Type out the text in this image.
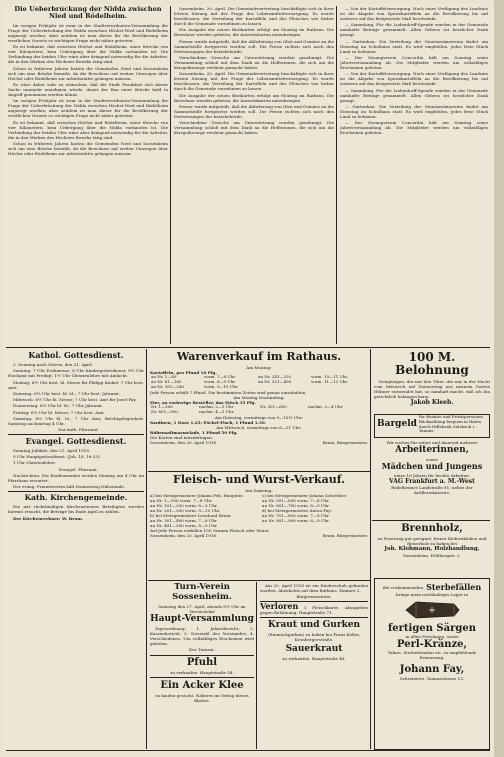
Die Ueberbrückung der Nidda zwischen Nied und Rödelheim.

Im vorigen Frühjahr ist zwar in der Stadtverordneten-Versammlung die Frage der Ueberbrückung der Nidda zwischen Höchst-Nied und Rödelheim angeregt worden; aber seitdem ist man dieser für die Bevölkerung der westlichen Vororte so wichtigen Frage nicht näher getreten.

Es ist bekannt, daß zwischen Höchst und Rödelheim, einer Strecke von vier Kilometern, kein Uebergang über die Nidda vorhanden ist. Die Verbindung der beiden Ufer wäre aber dringend notwendig für die Arbeiter, die in den Werken des Höchster Bezirks tätig sind.

Schon in früheren Jahren hatten die Gemeinden Nied und Sossenheim sich um eine Brücke bemüht, da die Bewohner auf weiten Umwegen über Höchst oder Rödelheim zur Arbeitsstätte gelangen müssen.

Es wäre daher sehr zu wünschen, daß die Stadt Frankfurt sich dieser Sache nunmehr annehmen würde, damit der Bau einer Brücke bald in Angriff genommen werden könne.

Im vorigen Frühjahr ist zwar in der Stadtverordneten-Versammlung die Frage der Ueberbrückung der Nidda zwischen Höchst-Nied und Rödelheim angeregt worden; aber seitdem ist man dieser für die Bevölkerung der westlichen Vororte so wichtigen Frage nicht näher getreten.

Es ist bekannt, daß zwischen Höchst und Rödelheim, einer Strecke von vier Kilometern, kein Uebergang über die Nidda vorhanden ist. Die Verbindung der beiden Ufer wäre aber dringend notwendig für die Arbeiter, die in den Werken des Höchster Bezirks tätig sind.

Schon in früheren Jahren hatten die Gemeinden Nied und Sossenheim sich um eine Brücke bemüht, da die Bewohner auf weiten Umwegen über Höchst oder Rödelheim zur Arbeitsstätte gelangen müssen.

Sossenheim, 20. April. Die Gemeindevertretung beschäftigte sich in ihrer letzten Sitzung mit der Frage der Lebensmittelversorgung. Es wurde beschlossen, die Verteilung der Kartoffeln und des Fleisches wie bisher durch die Gemeinde vornehmen zu lassen.

Die Ausgabe der neuen Brotkarten erfolgt am Montag im Rathaus. Die Bewohner werden gebeten, die Ausweiskarten mitzubringen.

Ferner wurde mitgeteilt, daß die Ablieferung von Obst und Gemüse an die Sammelstelle fortgesetzt werden soll. Die Preise richten sich nach den Festsetzungen der Kreisbehörde.

Verschiedene Gesuche um Unterstützung wurden genehmigt. Die Versammlung schloß mit dem Dank an die Helferinnen, die sich um die Kriegsfürsorge verdient gemacht haben.

Sossenheim, 20. April. Die Gemeindevertretung beschäftigte sich in ihrer letzten Sitzung mit der Frage der Lebensmittelversorgung. Es wurde beschlossen, die Verteilung der Kartoffeln und des Fleisches wie bisher durch die Gemeinde vornehmen zu lassen.

Die Ausgabe der neuen Brotkarten erfolgt am Montag im Rathaus. Die Bewohner werden gebeten, die Ausweiskarten mitzubringen.

Ferner wurde mitgeteilt, daß die Ablieferung von Obst und Gemüse an die Sammelstelle fortgesetzt werden soll. Die Preise richten sich nach den Festsetzungen der Kreisbehörde.

Verschiedene Gesuche um Unterstützung wurden genehmigt. Die Versammlung schloß mit dem Dank an die Helferinnen, die sich um die Kriegsfürsorge verdient gemacht haben.

— Von der Kartoffelversorgung. Nach einer Verfügung des Landrats ist die Abgabe von Speisekartoffeln an die Bevölkerung bis auf weiteres auf das festgesetzte Maß beschränkt.

— Sammlung. Für die Ludendorff-Spende wurden in der Gemeinde namhafte Beträge gesammelt. Allen Gebern sei herzlicher Dank gesagt.

— Gartenbau. Die Verteilung der Gemüsesämereien findet am Dienstag im Schulhaus statt. Es wird empfohlen, jedes freie Stück Land zu bebauen.

— Der Gesangverein Concordia hält am Sonntag seine Jahresversammlung ab. Die Mitglieder werden um vollzähliges Erscheinen gebeten.

— Von der Kartoffelversorgung. Nach einer Verfügung des Landrats ist die Abgabe von Speisekartoffeln an die Bevölkerung bis auf weiteres auf das festgesetzte Maß beschränkt.

— Sammlung. Für die Ludendorff-Spende wurden in der Gemeinde namhafte Beträge gesammelt. Allen Gebern sei herzlicher Dank gesagt.

— Gartenbau. Die Verteilung der Gemüsesämereien findet am Dienstag im Schulhaus statt. Es wird empfohlen, jedes freie Stück Land zu bebauen.

— Der Gesangverein Concordia hält am Sonntag seine Jahresversammlung ab. Die Mitglieder werden um vollzähliges Erscheinen gebeten.

Kathol. Gottesdienst.

3. Sonntag nach Ostern, den 21. April.

Sonntag: 7 Uhr Frühmesse; 8 Uhr Kindergottesdienst; 9½ Uhr Hochamt mit Predigt; 1½ Uhr Christenlehre mit Andacht.

Montag: 6½ Uhr best. hl. Messe für Philipp Kinkel; 7 Uhr best. Amt.

Dienstag: 6½ Uhr best. hl. M.; 7 Uhr best. Jahramt.

Mittwoch: 6½ Uhr hl. Messe; 7 Uhr best. Amt für Josef Fay.

Donnerstag: 6½ Uhr hl. M.; 7 Uhr Jahramt.

Freitag: 6½ Uhr hl. Messe; 7 Uhr best. Amt.

Samstag: 6½ Uhr hl. M.; 7 Uhr Amt; Beichtgelegenheit: Samstag nachmittag 4 Uhr.

Das kath. Pfarramt.

Evangel. Gottesdienst.

Sonntag Jubilate, den 21. April 1918.

9 Uhr Hauptgottesdienst. (Joh. 16, 16-23).

1 Uhr Christenlehre.

Evangel. Pfarramt.

Nachrichten: Die Konfirmanden werden Montag um 4 Uhr im Pfarrhaus erwartet.

Der evang. Frauenverein hält Donnerstag Nähstunde.

Kath. Kirchengemeinde.

Die mit rückständigen Kirchensteuern Beteiligten werden hiermit ersucht, die Beträge bis Ende April zu zahlen.

Der Kirchenrechner: W. Brum.

Warenverkauf im Rathaus.
Am Montag:
Kartoffeln, pro Pfund 10 Pfg.
an Nr. 1—80	vorm. 7—8 Uhr	an Nr. 241—320	vorm. 10—11 Uhr
an Nr. 81—160	vorm. 8—9 Uhr	an Nr. 321—400	vorm. 11—12 Uhr
an Nr. 161—240	vorm. 9—10 Uhr		
Jede Person erhält 7 Pfund. Die bestimmten Zeiten sind genau einzuhalten.
Am Montag Nachmittag:
Eier, an vorherige Besteller, das Stück 35 Pfg.
Nr. 1—300	nachm. 2—3 Uhr	Nr. 301—600	nachm. 3—4 Uhr
Nr. 601—900	nachm. 4—5 Uhr		
Am Dienstag, vormittags von 9—10½ Uhr:
Sardinen, 1 Dose 1.25; Pöckel-Fisch, 1 Pfund 1.50.
Am Mittwoch, vormittags von 8—11 Uhr:
Rübensaftmarmelade, 1 Pfund 50 Pfg.
Die Karten sind mitzubringen.
Sossenheim, den 20. April 1918.	Brum, Bürgermeister.
Fleisch- und Wurst-Verkauf.
Am Samstag:
a) bei Metzgermeister Johann Feh, Hauptstr.:
an Nr. 1—100 vorm. 7—8 Uhr
an Nr. 101—200 vorm. 8—9 Uhr
an Nr. 201—300 vorm. 9—10 Uhr
b) bei Metzgermeister Leonhard Brum:
an Nr. 301—400 vorm. 7—8 Uhr
an Nr. 401—500 vorm. 8—9 Uhr
c) bei Metzgermeister Johann Schreiber:
an Nr. 501—600 vorm. 7—8 Uhr
an Nr. 601—700 vorm. 8—9 Uhr
d) bei Metzgermeister Anton Fay:
an Nr. 701—800 vorm. 7—8 Uhr
an Nr. 801—900 vorm. 8—9 Uhr
Auf jede Person entfallen 100 Gramm Fleisch oder Wurst.
Sossenheim, den 20. April 1918.	Brum, Bürgermeister.
Turn-Verein Sossenheim.
Samstag den 27. April, abends 8½ Uhr im Vereinslokal
Haupt-Versammlung

Tagesordnung: 1. Jahresbericht; 2. Kassenbericht; 3. Neuwahl des Vorstandes; 4. Verschiedenes. Um vollzähliges Erscheinen wird gebeten.

Der Turnrat.
Pfuhl
zu verkaufen. Hauptstraße 54.
Ein Acker Klee
zu kaufen gesucht. Näheres im Verlag dieses Blattes.

Am 20. April 1918 ist ein Kinderschuh gefunden worden. Abzuholen auf dem Rathaus, Zimmer 2.

Bürgermeisterei.
Verloren 1 Fleischkarte. Abzugeben gegen Belohnung. Hauptstraße 71.
Kraut und Gurken
(Einmachgurken) zu haben bei Franz Keller, Kronbergerstraße.
Sauerkraut
zu verkaufen. Hauptstraße 48.
100 M. Belohnung

Demjenigen, der mir den Täter, der mir in der Nacht vom Mittwoch auf Donnerstag aus meinem Garten Hühner entwendet hat, so namhaft macht, daß ich ihn gerichtlich belangen kann.

Jakob Kleeb.
Bargeld
für Beamte und Privatpersonen. Rückzahlung bequem in Raten durch Hilfsbank Sulzbach i. Taunus.
Wir suchen für sofort und dauernd mehrere
Arbeiterinnen,
sowie
Mädchen und Jungens
unter 16 Jahren für leichte Arbeiten.
VAG Frankfurt a. M.-West
Rödelheimer Landstraße 81, neben der Artilleriekaserne.
Brennholz,
zu Feuerung gut geeignet, ferner Kiefernkloben und Reiserholz zu haben bei
Joh. Klohmann, Holzhandlung,
Sossenheim, Feldbergstr. 5.
Bei vorkommenden Sterbefällen
bringe mein reichhaltiges Lager in
fertigen Särgen
in allen Preislagen, sowie
Perl-Kränze,
Talare, Sterbehemden etc. in empfehlende Erinnerung.
Johann Fay,
Schreinerei, Taunusstrasse 13.
